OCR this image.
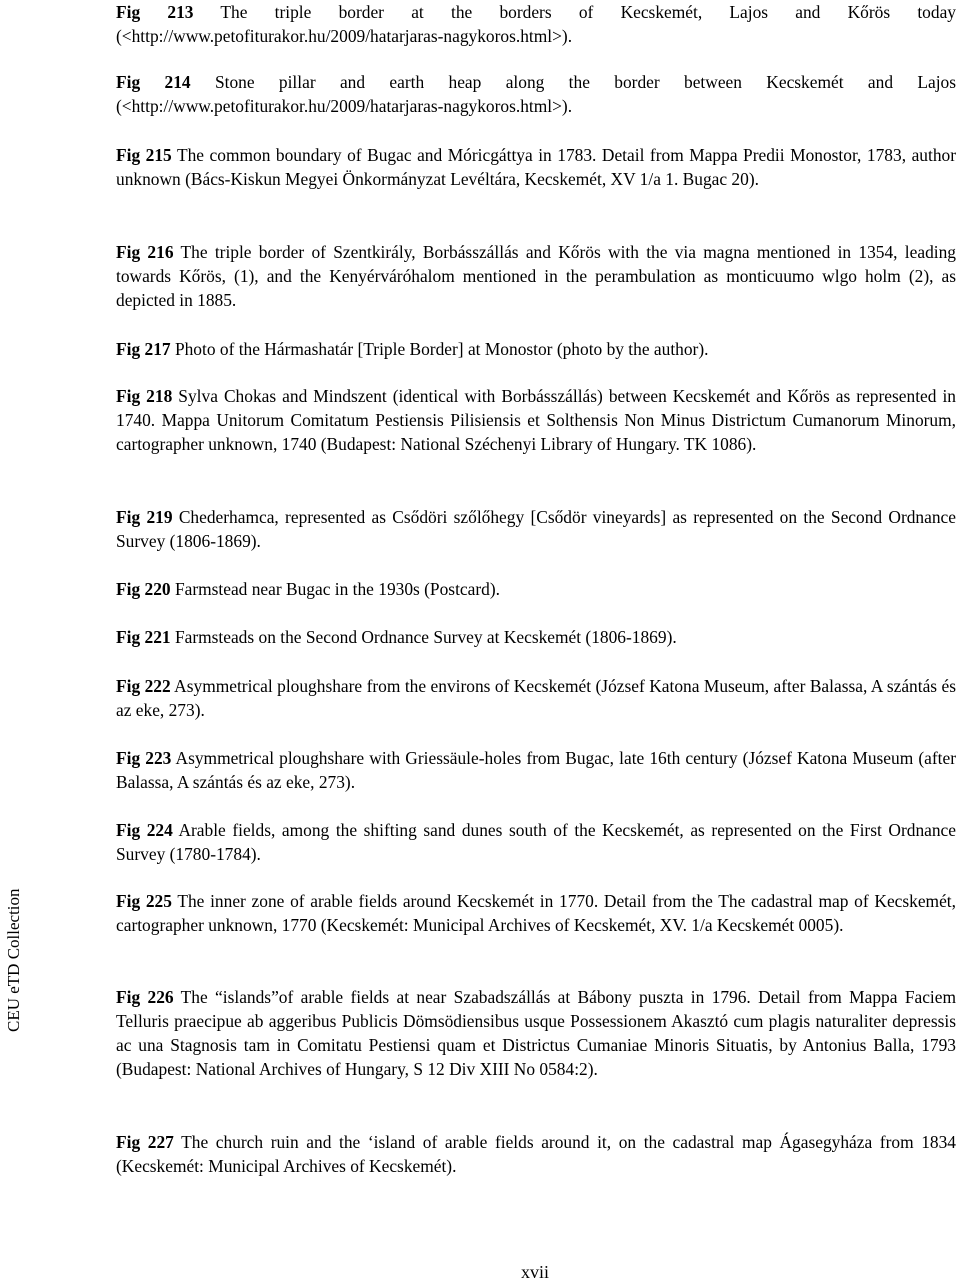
Fig 213 The triple border at the borders of Kecskemét, Lajos and Kőrös today (<http://www.petofiturakor.hu/2009/hatarjaras-nagykoros.html>).

Fig 214 Stone pillar and earth heap along the border between Kecskemét and Lajos (<http://www.petofiturakor.hu/2009/hatarjaras-nagykoros.html>).

Fig 215 The common boundary of Bugac and Móricgáttya in 1783. Detail from Mappa Predii Monostor, 1783, author unknown (Bács-Kiskun Megyei Önkormányzat Levéltára, Kecskemét, XV 1/a 1. Bugac 20).

Fig 216 The triple border of Szentkirály, Borbásszállás and Kőrös with the via magna mentioned in 1354, leading towards Kőrös, (1), and the Kenyérváróhalom mentioned in the perambulation as monticuumo wlgo holm (2), as depicted in 1885.

Fig 217 Photo of the Hármashatár [Triple Border] at Monostor (photo by the author).

Fig 218 Sylva Chokas and Mindszent (identical with Borbásszállás) between Kecskemét and Kőrös as represented in 1740. Mappa Unitorum Comitatum Pestiensis Pilisiensis et Solthensis Non Minus Districtum Cumanorum Minorum, cartographer unknown, 1740 (Budapest: National Széchenyi Library of Hungary. TK 1086).

Fig 219 Chederhamca, represented as Csődöri szőlőhegy [Csődör vineyards] as represented on the Second Ordnance Survey (1806-1869).

Fig 220 Farmstead near Bugac in the 1930s (Postcard).

Fig 221 Farmsteads on the Second Ordnance Survey at Kecskemét (1806-1869).

Fig 222 Asymmetrical ploughshare from the environs of Kecskemét (József Katona Museum, after Balassa, A szántás és az eke, 273).

Fig 223 Asymmetrical ploughshare with Griessäule-holes from Bugac, late 16th century (József Katona Museum (after Balassa, A szántás és az eke, 273).

Fig 224 Arable fields, among the shifting sand dunes south of the Kecskemét, as represented on the First Ordnance Survey (1780-1784).

Fig 225 The inner zone of arable fields around Kecskemét in 1770. Detail from the The cadastral map of Kecskemét, cartographer unknown, 1770 (Kecskemét: Municipal Archives of Kecskemét, XV. 1/a Kecskemét 0005).

Fig 226 The “islands”of arable fields at near Szabadszállás at Bábony puszta in 1796. Detail from Mappa Faciem Telluris praecipue ab aggeribus Publicis Dömsödiensibus usque Possessionem Akasztó cum plagis naturaliter depressis ac una Stagnosis tam in Comitatu Pestiensi quam et Districtus Cumaniae Minoris Situatis, by Antonius Balla, 1793 (Budapest: National Archives of Hungary, S 12 Div XIII No 0584:2).

Fig 227 The church ruin and the ‘island of arable fields around it, on the cadastral map Ágasegyháza from 1834 (Kecskemét: Municipal Archives of Kecskemét).

CEU eTD Collection
xvii
